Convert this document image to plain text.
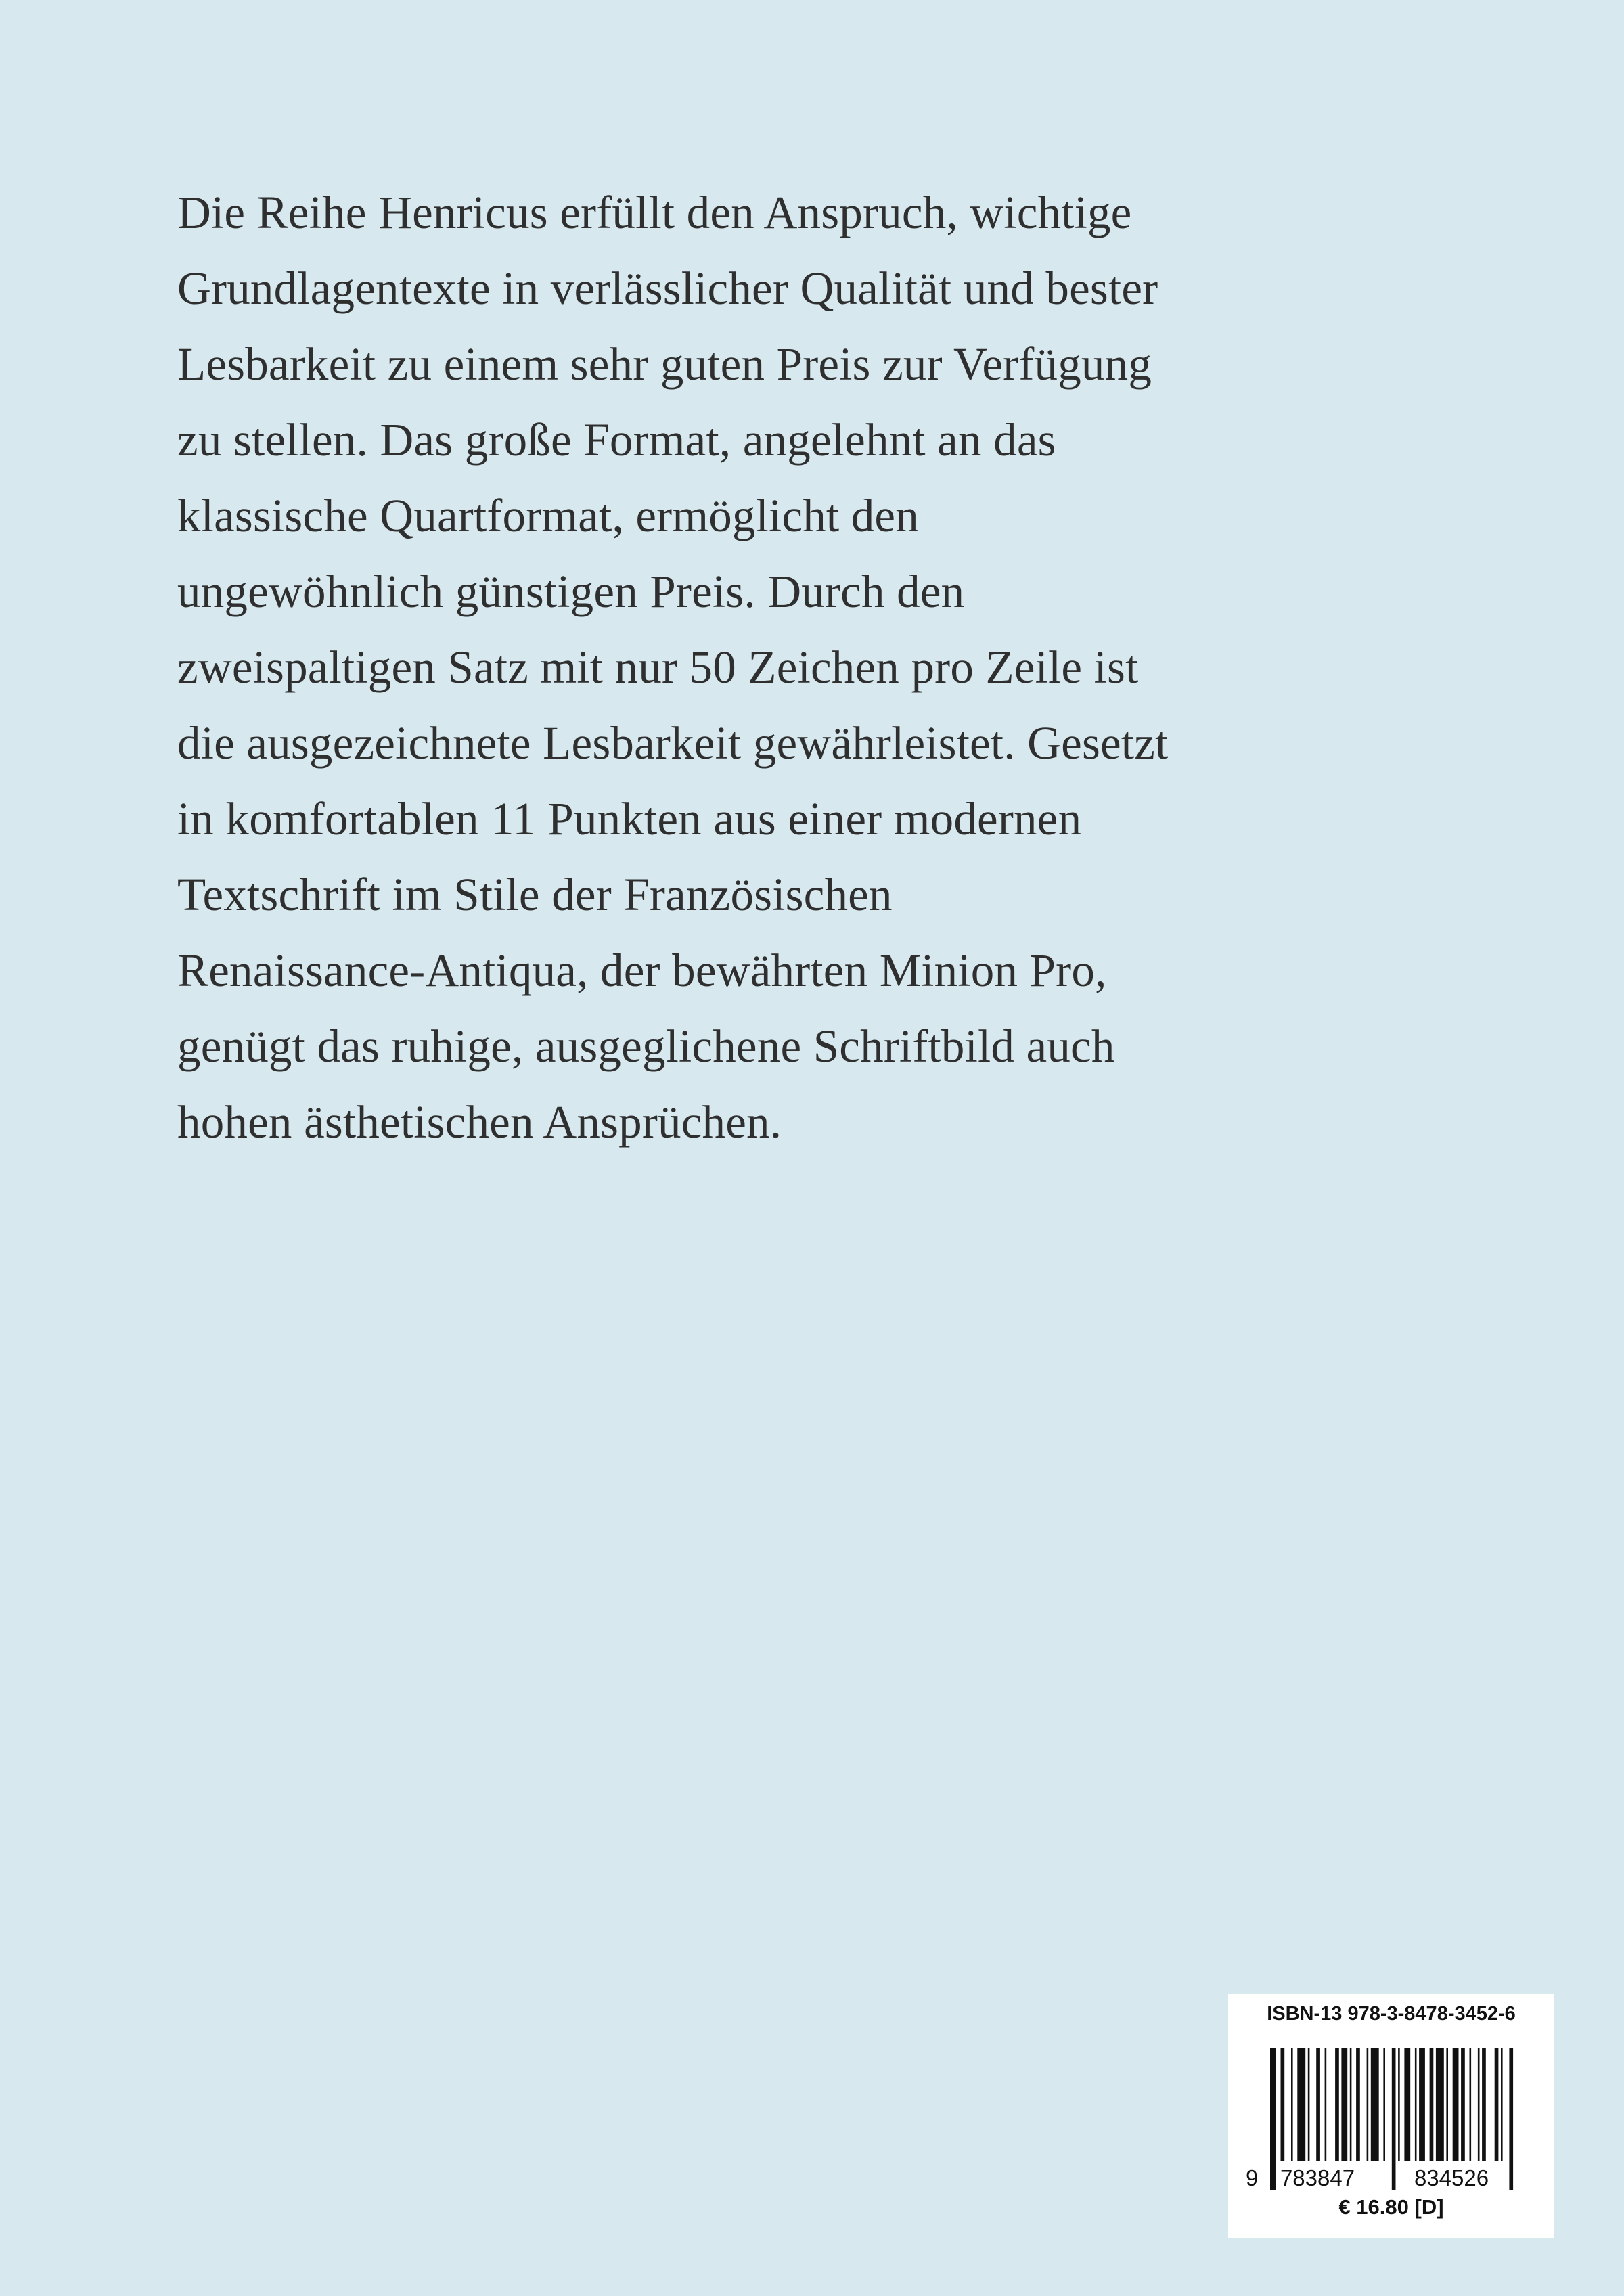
Die Reihe Henricus erfüllt den Anspruch, wichtige
Grundlagentexte in verlässlicher Qualität und bester
Lesbarkeit zu einem sehr guten Preis zur Verfügung
zu stellen. Das große Format, angelehnt an das
klassische Quartformat, ermöglicht den
ungewöhnlich günstigen Preis. Durch den
zweispaltigen Satz mit nur 50 Zeichen pro Zeile ist
die ausgezeichnete Lesbarkeit gewährleistet. Gesetzt
in komfortablen 11 Punkten aus einer modernen
Textschrift im Stile der Französischen
Renaissance-Antiqua, der bewährten Minion Pro,
genügt das ruhige, ausgeglichene Schriftbild auch
hohen ästhetischen Ansprüchen.
ISBN-13 978-3-8478-3452-6
9 783847	834526
€ 16.80 [D]
